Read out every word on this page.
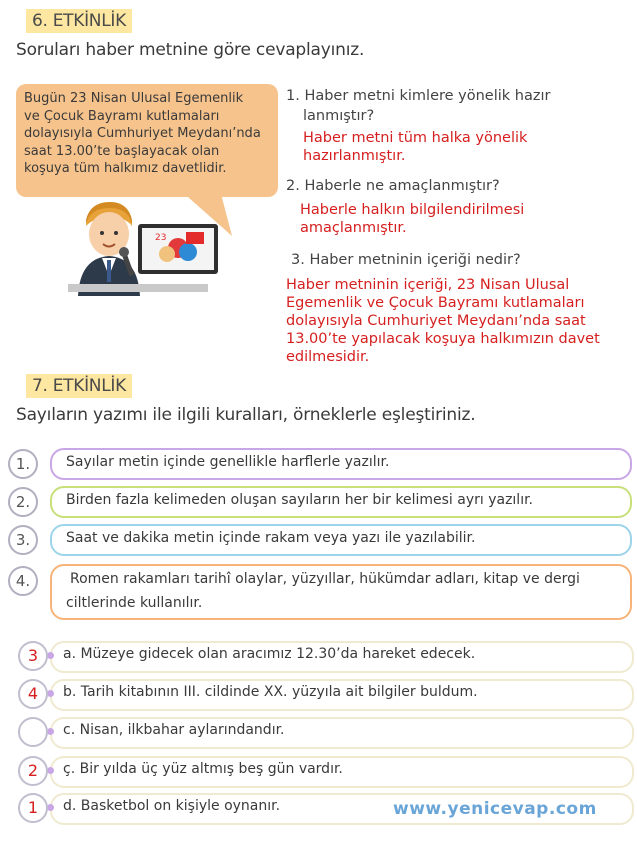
6. ETKİNLİK
Soruları haber metnine göre cevaplayınız.
Bugün 23 Nisan Ulusal Egemenlik
ve Çocuk Bayramı kutlamaları
dolayısıyla Cumhuriyet Meydanı’nda
saat 13.00’te başlayacak olan
koşuya tüm halkımız davetlidir.
23
1. Haber metni kimlere yönelik hazır
lanmıştır?
Haber metni tüm halka yönelik
hazırlanmıştır.
2. Haberle ne amaçlanmıştır?
Haberle halkın bilgilendirilmesi
amaçlanmıştır.
3. Haber metninin içeriği nedir?
Haber metninin içeriği, 23 Nisan Ulusal
Egemenlik ve Çocuk Bayramı kutlamaları
dolayısıyla Cumhuriyet Meydanı’nda saat
13.00’te yapılacak koşuya halkımızın davet
edilmesidir.
7. ETKİNLİK
Sayıların yazımı ile ilgili kuralları, örneklerle eşleştiriniz.
1.	Sayılar metin içinde genellikle harflerle yazılır.
2.	Birden fazla kelimeden oluşan sayıların her bir kelimesi ayrı yazılır.
3.	Saat ve dakika metin içinde rakam veya yazı ile yazılabilir.
4.	Romen rakamları tarihî olaylar, yüzyıllar, hükümdar adları, kitap ve dergi
ciltlerinde kullanılır.
3	a. Müzeye gidecek olan aracımız 12.30’da hareket edecek.
4	b. Tarih kitabının III. cildinde XX. yüzyıla ait bilgiler buldum.
c. Nisan, ilkbahar aylarındandır.
2	ç. Bir yılda üç yüz altmış beş gün vardır.
1	d. Basketbol on kişiyle oynanır.	www.yenicevap.com
